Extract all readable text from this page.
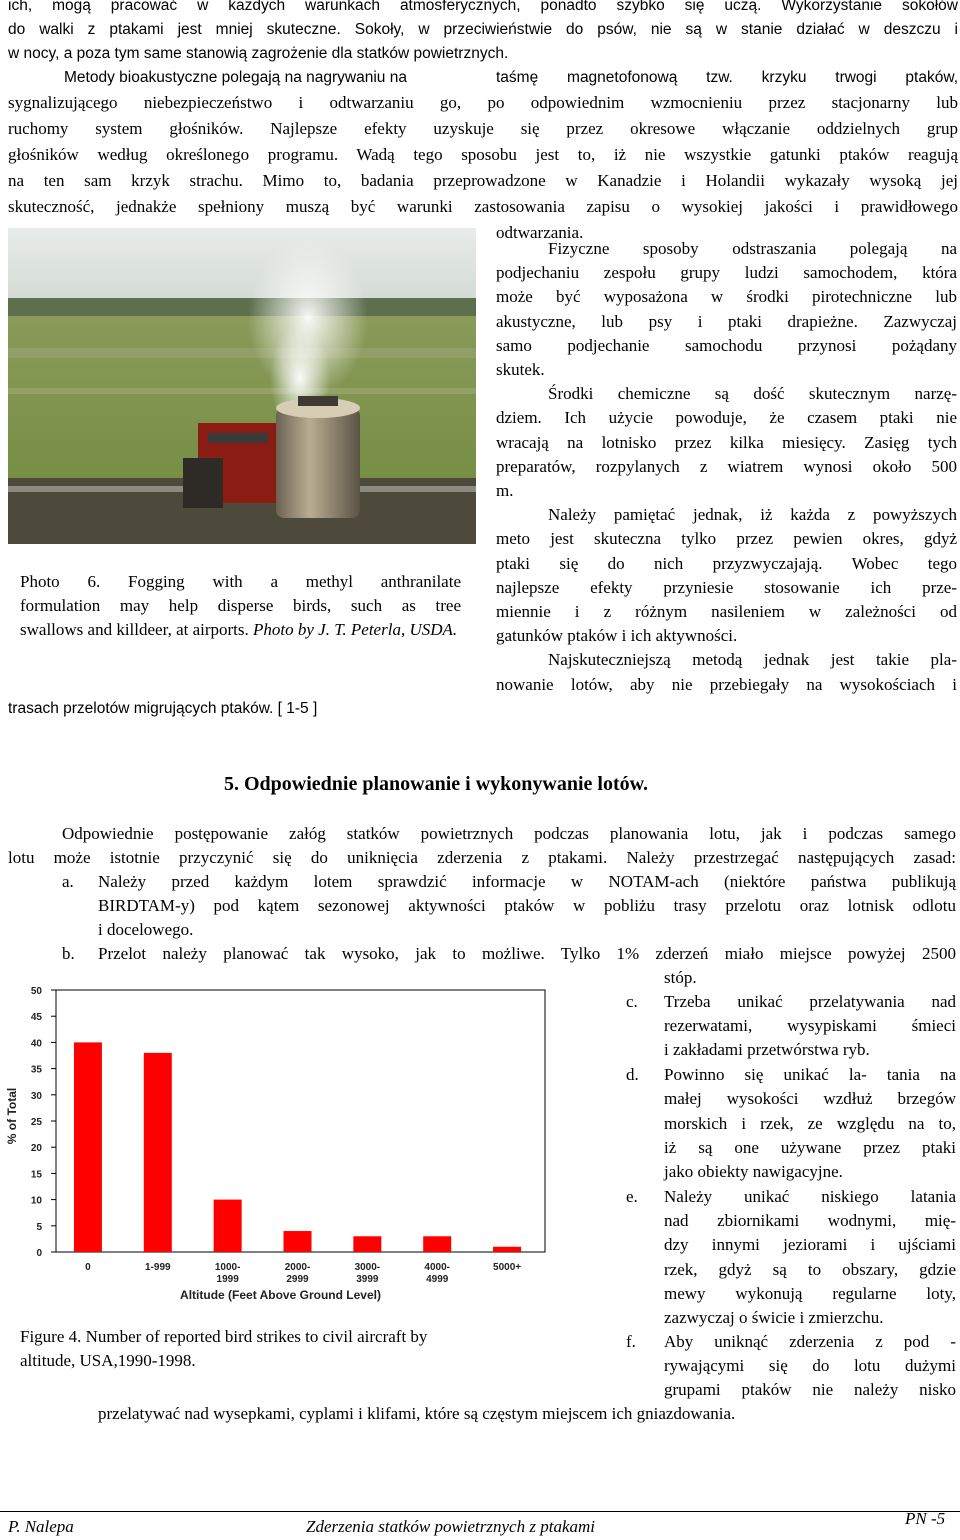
ich, mogą pracować w każdych warunkach atmosferycznych, ponadto szybko się uczą. Wykorzystanie sokołów
do walki z ptakami jest mniej skuteczne. Sokoły, w przeciwieństwie do psów, nie są w stanie działać w deszczu i
w nocy, a poza tym same stanowią zagrożenie dla statków powietrznych.
Metody bioakustyczne polegają na nagrywaniu na	taśmę magnetofonową tzw. krzyku trwogi ptaków,
sygnalizującego niebezpieczeństwo i odtwarzaniu go, po odpowiednim wzmocnieniu przez stacjonarny lub
ruchomy system głośników. Najlepsze efekty uzyskuje się przez okresowe włączanie oddzielnych grup
głośników według określonego programu. Wadą tego sposobu jest to, iż nie wszystkie gatunki ptaków reagują
na ten sam krzyk strachu. Mimo to, badania przeprowadzone w Kanadzie i Holandii wykazały wysoką jej
skuteczność, jednakże spełniony muszą być warunki zastosowania zapisu o wysokiej jakości i prawidłowego
odtwarzania.
Photo 6. Fogging with a methyl anthranilate
formulation may help disperse birds, such as tree
swallows and killdeer, at airports. Photo by J. T. Peterla, USDA.
trasach przelotów migrujących ptaków. [ 1-5 ]
Fizyczne sposoby odstraszania polegają na
podjechaniu zespołu grupy ludzi samochodem, która
może być wyposażona w środki pirotechniczne lub
akustyczne, lub psy i ptaki drapieżne. Zazwyczaj
samo podjechanie samochodu przynosi pożądany
skutek.
Środki chemiczne są dość skutecznym narzę-
dziem. Ich użycie powoduje, że czasem ptaki nie
wracają na lotnisko przez kilka miesięcy. Zasięg tych
preparatów, rozpylanych z wiatrem wynosi około 500
m.
Należy pamiętać jednak, iż każda z powyższych
meto jest skuteczna tylko przez pewien okres, gdyż
ptaki się do nich przyzwyczajają. Wobec tego
najlepsze efekty przyniesie stosowanie ich prze-
miennie i z różnym nasileniem w zależności od
gatunków ptaków i ich aktywności.
Najskuteczniejszą metodą jednak jest takie pla-
nowanie lotów, aby nie przebiegały na wysokościach i
5. Odpowiednie planowanie i wykonywanie lotów.
Odpowiednie postępowanie załóg statków powietrznych podczas planowania lotu, jak i podczas samego
lotu może istotnie przyczynić się do uniknięcia zderzenia z ptakami. Należy przestrzegać następujących zasad:
a. Należy przed każdym lotem sprawdzić informacje w NOTAM-ach (niektóre państwa publikują
BIRDTAM-y) pod kątem sezonowej aktywności ptaków w pobliżu trasy przelotu oraz lotnisk odlotu
i docelowego.
b. Przelot należy planować tak wysoko, jak to możliwe. Tylko 1% zderzeń miało miejsce powyżej 2500
stóp.
c. Trzeba unikać przelatywania nad
rezerwatami, wysypiskami śmieci
i zakładami przetwórstwa ryb.
d. Powinno się unikać la- tania na
małej wysokości wzdłuż brzegów
morskich i rzek, ze względu na to,
iż są one używane przez ptaki
jako obiekty nawigacyjne.
e. Należy unikać niskiego latania
nad zbiornikami wodnymi, mię-
dzy innymi jeziorami i ujściami
rzek, gdyż są to obszary, gdzie
mewy wykonują regularne loty,
zazwyczaj o świcie i zmierzchu.
f. Aby uniknąć zderzenia z pod -
rywającymi się do lotu dużymi
grupami ptaków nie należy nisko
przelatywać nad wysepkami, cyplami i klifami, które są częstym miejscem ich gniazdowania.
0
5
10
15
20
25
30
35
40
45
50
0	1-999	1000-1999
2000-2999
3000-3999
4000-4999
5000+
Altitude (Feet Above Ground Level)
% of Total
Figure 4. Number of reported bird strikes to civil aircraft by
altitude, USA,1990-1998.
P. Nalepa	Zderzenia statków powietrznych z ptakami	PN -5
